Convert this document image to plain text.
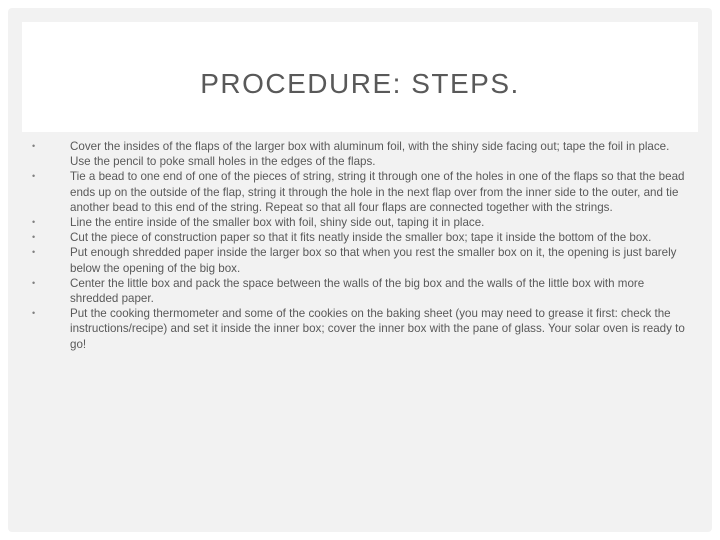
PROCEDURE: STEPS.
•	Cover the insides of the flaps of the larger box with aluminum foil, with the shiny side facing out; tape the foil in place. Use the pencil to poke small holes in the edges of the flaps.
•	Tie a bead to one end of one of the pieces of string, string it through one of the holes in one of the flaps so that the bead ends up on the outside of the flap, string it through the hole in the next flap over from the inner side to the outer, and tie another bead to this end of the string. Repeat so that all four flaps are connected together with the strings.
•	Line the entire inside of the smaller box with foil, shiny side out, taping it in place.
•	Cut the piece of construction paper so that it fits neatly inside the smaller box; tape it inside the bottom of the box.
•	Put enough shredded paper inside the larger box so that when you rest the smaller box on it, the opening is just barely below the opening of the big box.
•	Center the little box and pack the space between the walls of the big box and the walls of the little box with more shredded paper.
•	Put the cooking thermometer and some of the cookies on the baking sheet (you may need to grease it first: check the instructions/recipe) and set it inside the inner box; cover the inner box with the pane of glass. Your solar oven is ready to go!
